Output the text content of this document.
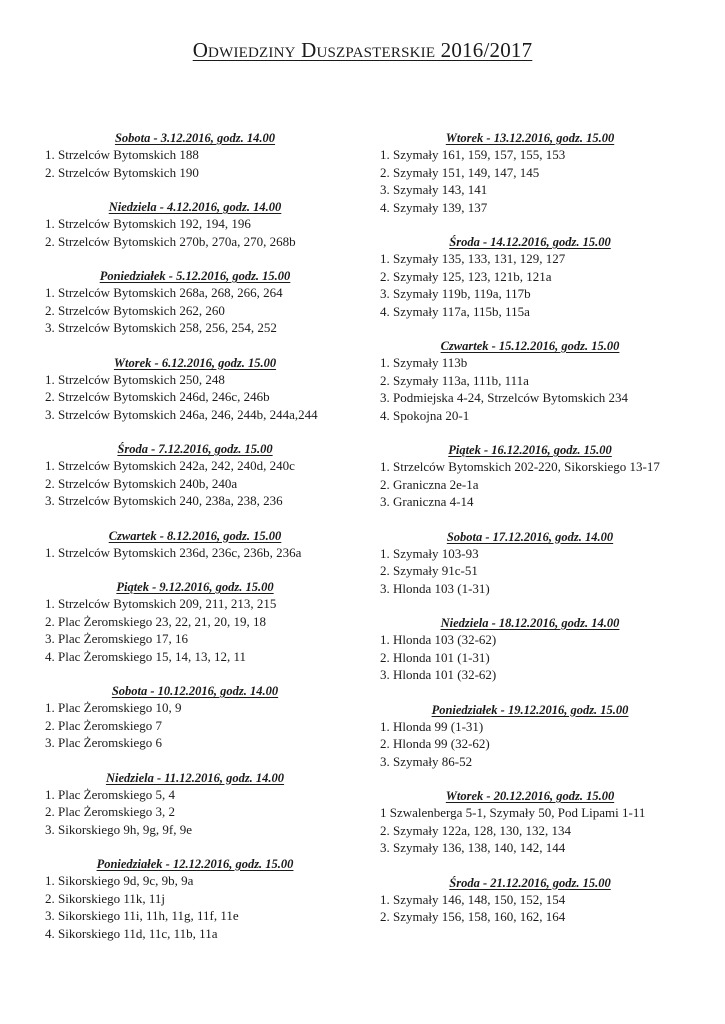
Odwiedziny Duszpasterskie 2016/2017
Sobota - 3.12.2016, godz. 14.00
1. Strzelców Bytomskich 188
2. Strzelców Bytomskich 190
Niedziela - 4.12.2016, godz. 14.00
1. Strzelców Bytomskich 192, 194, 196
2. Strzelców Bytomskich 270b, 270a, 270, 268b
Poniedziałek - 5.12.2016, godz. 15.00
1. Strzelców Bytomskich 268a, 268, 266, 264
2. Strzelców Bytomskich 262, 260
3. Strzelców Bytomskich 258, 256, 254, 252
Wtorek - 6.12.2016, godz. 15.00
1. Strzelców Bytomskich 250, 248
2. Strzelców Bytomskich 246d, 246c, 246b
3. Strzelców Bytomskich 246a, 246, 244b, 244a,244
Środa - 7.12.2016, godz. 15.00
1. Strzelców Bytomskich 242a, 242, 240d, 240c
2. Strzelców Bytomskich 240b, 240a
3. Strzelców Bytomskich 240, 238a, 238, 236
Czwartek - 8.12.2016, godz. 15.00
1. Strzelców Bytomskich 236d, 236c, 236b, 236a
Piątek - 9.12.2016, godz. 15.00
1. Strzelców Bytomskich 209, 211, 213, 215
2. Plac Żeromskiego 23, 22, 21, 20, 19, 18
3. Plac Żeromskiego 17, 16
4. Plac Żeromskiego 15, 14, 13, 12, 11
Sobota - 10.12.2016, godz. 14.00
1. Plac Żeromskiego 10, 9
2. Plac Żeromskiego 7
3. Plac Żeromskiego 6
Niedziela - 11.12.2016, godz. 14.00
1. Plac Żeromskiego 5, 4
2. Plac Żeromskiego 3, 2
3. Sikorskiego 9h, 9g, 9f, 9e
Poniedziałek - 12.12.2016, godz. 15.00
1. Sikorskiego 9d, 9c, 9b, 9a
2. Sikorskiego 11k, 11j
3. Sikorskiego 11i, 11h, 11g, 11f, 11e
4. Sikorskiego 11d, 11c, 11b, 11a
Wtorek - 13.12.2016, godz. 15.00
1. Szymały 161, 159, 157, 155, 153
2. Szymały 151, 149, 147, 145
3. Szymały 143, 141
4. Szymały 139, 137
Środa - 14.12.2016, godz. 15.00
1. Szymały 135, 133, 131, 129, 127
2. Szymały 125, 123, 121b, 121a
3. Szymały 119b, 119a, 117b
4. Szymały 117a, 115b, 115a
Czwartek - 15.12.2016, godz. 15.00
1. Szymały 113b
2. Szymały 113a, 111b, 111a
3. Podmiejska 4-24, Strzelców Bytomskich 234
4. Spokojna 20-1
Piątek - 16.12.2016, godz. 15.00
1. Strzelców Bytomskich 202-220, Sikorskiego 13-17
2. Graniczna 2e-1a
3. Graniczna 4-14
Sobota - 17.12.2016, godz. 14.00
1. Szymały 103-93
2. Szymały 91c-51
3. Hlonda 103 (1-31)
Niedziela - 18.12.2016, godz. 14.00
1. Hlonda 103 (32-62)
2. Hlonda 101 (1-31)
3. Hlonda 101 (32-62)
Poniedziałek - 19.12.2016, godz. 15.00
1. Hlonda 99 (1-31)
2. Hlonda 99 (32-62)
3. Szymały 86-52
Wtorek - 20.12.2016, godz. 15.00
1 Szwalenberga 5-1, Szymały 50, Pod Lipami 1-11
2. Szymały 122a, 128, 130, 132, 134
3. Szymały 136, 138, 140, 142, 144
Środa - 21.12.2016, godz. 15.00
1. Szymały 146, 148, 150, 152, 154
2. Szymały 156, 158, 160, 162, 164
